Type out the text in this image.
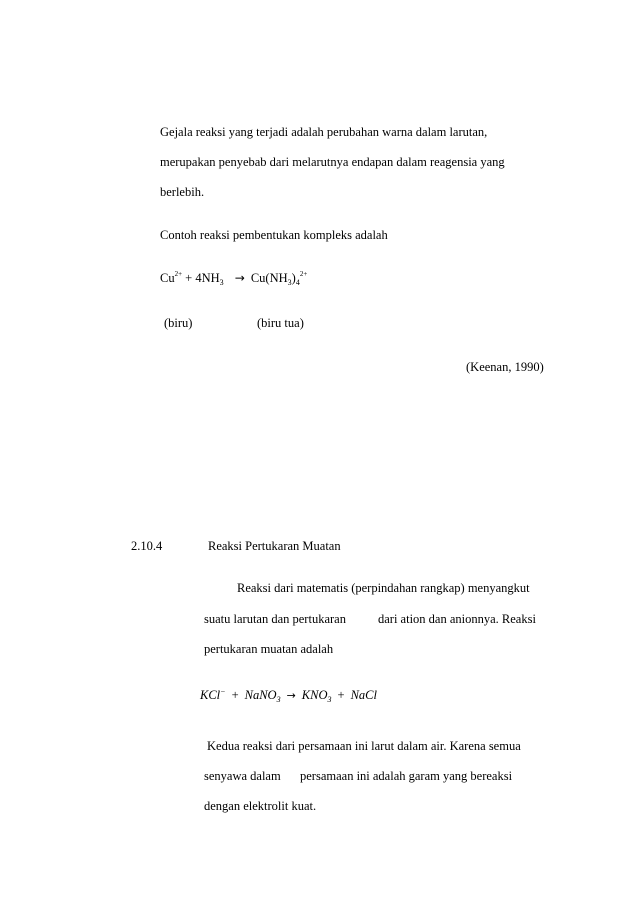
Gejala reaksi yang terjadi adalah perubahan warna dalam larutan,
merupakan penyebab dari melarutnya endapan dalam reagensia yang
berlebih.
Contoh reaksi pembentukan kompleks adalah
$Cu^{2+} + 4NH_3 \to Cu(NH_3)_4^{2+}$
(biru)	(biru tua)
(Keenan, 1990)
2.10.4	Reaksi Pertukaran Muatan
Reaksi dari matematis (perpindahan rangkap) menyangkut
suatu larutan dan pertukaran	dari ation dan anionnya. Reaksi
pertukaran muatan adalah
KCl− + NaNO$_3$ → $KNO_3$ + NaCl
Kedua reaksi dari persamaan ini larut dalam air. Karena semua
senyawa dalam persamaan ini adalah garam yang bereaksi
dengan elektrolit kuat.
